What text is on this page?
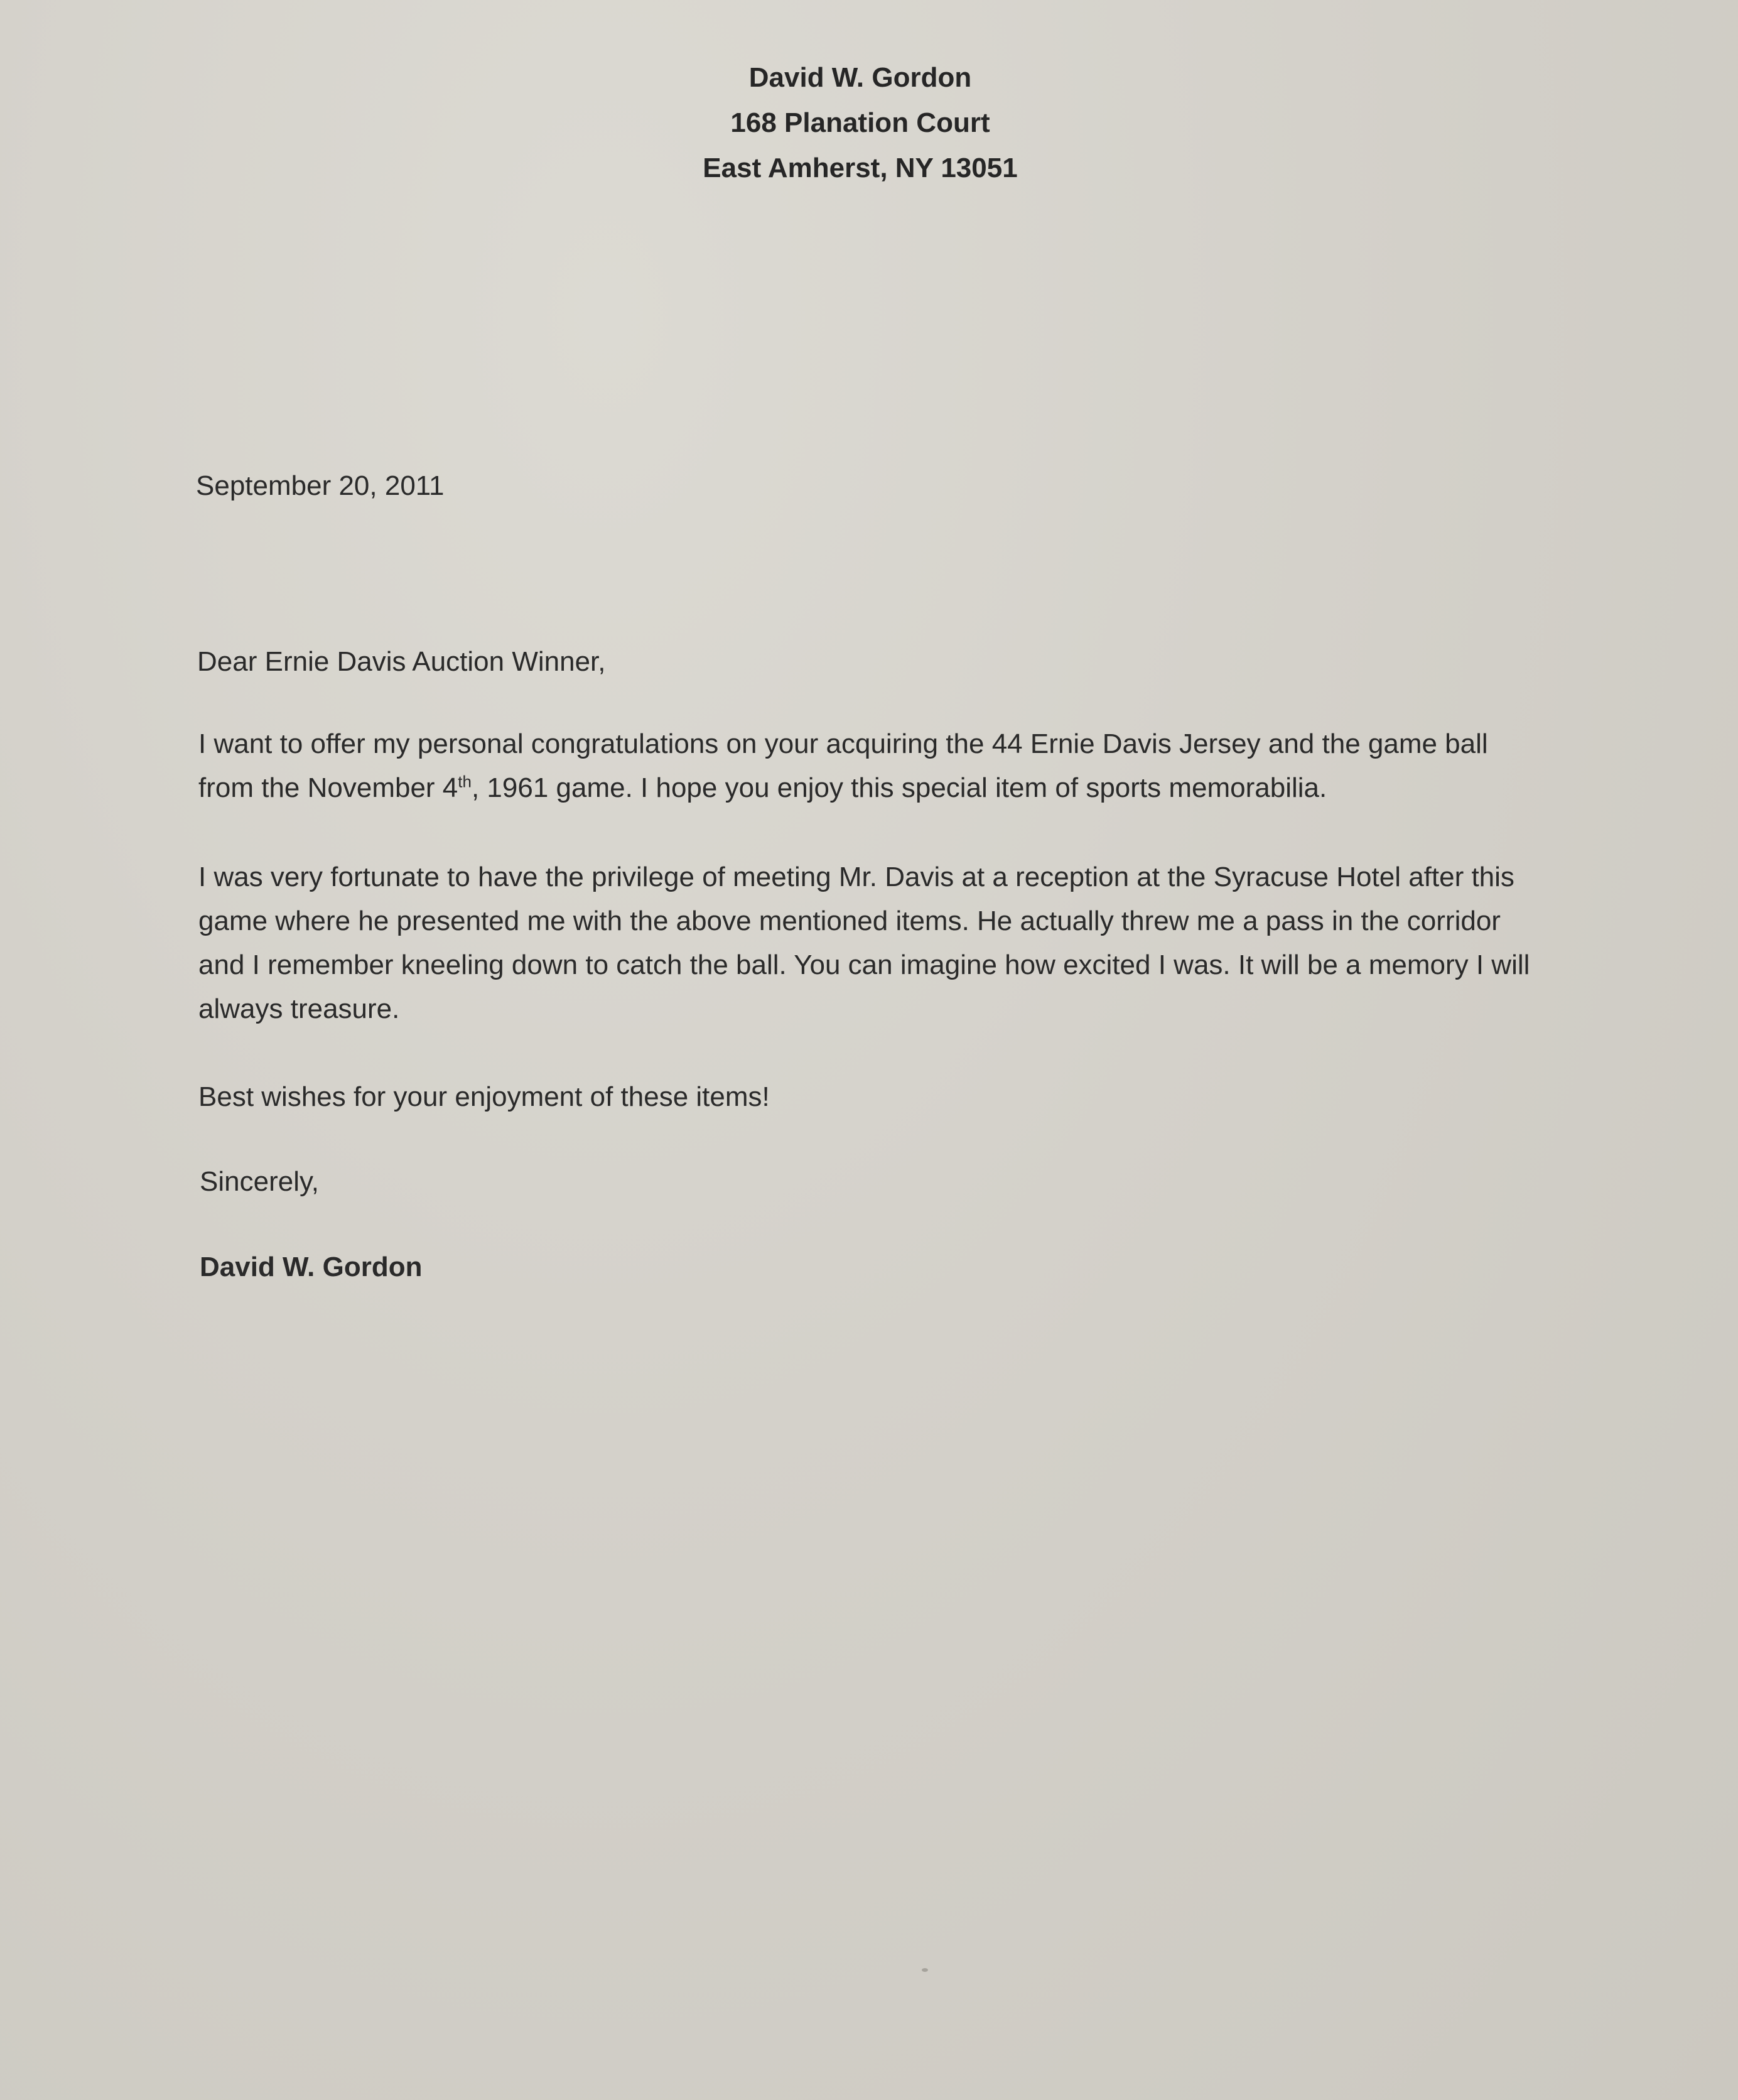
David W. Gordon
168 Planation Court
East Amherst, NY 13051
September 20, 2011
Dear Ernie Davis Auction Winner,
I want to offer my personal congratulations on your acquiring the 44 Ernie Davis Jersey and the game ball from the November 4th, 1961 game. I hope you enjoy this special item of sports memorabilia.
I was very fortunate to have the privilege of meeting Mr. Davis at a reception at the Syracuse Hotel after this game where he presented me with the above mentioned items. He actually threw me a pass in the corridor and I remember kneeling down to catch the ball. You can imagine how excited I was. It will be a memory I will always treasure.
Best wishes for your enjoyment of these items!
Sincerely,
David W. Gordon
